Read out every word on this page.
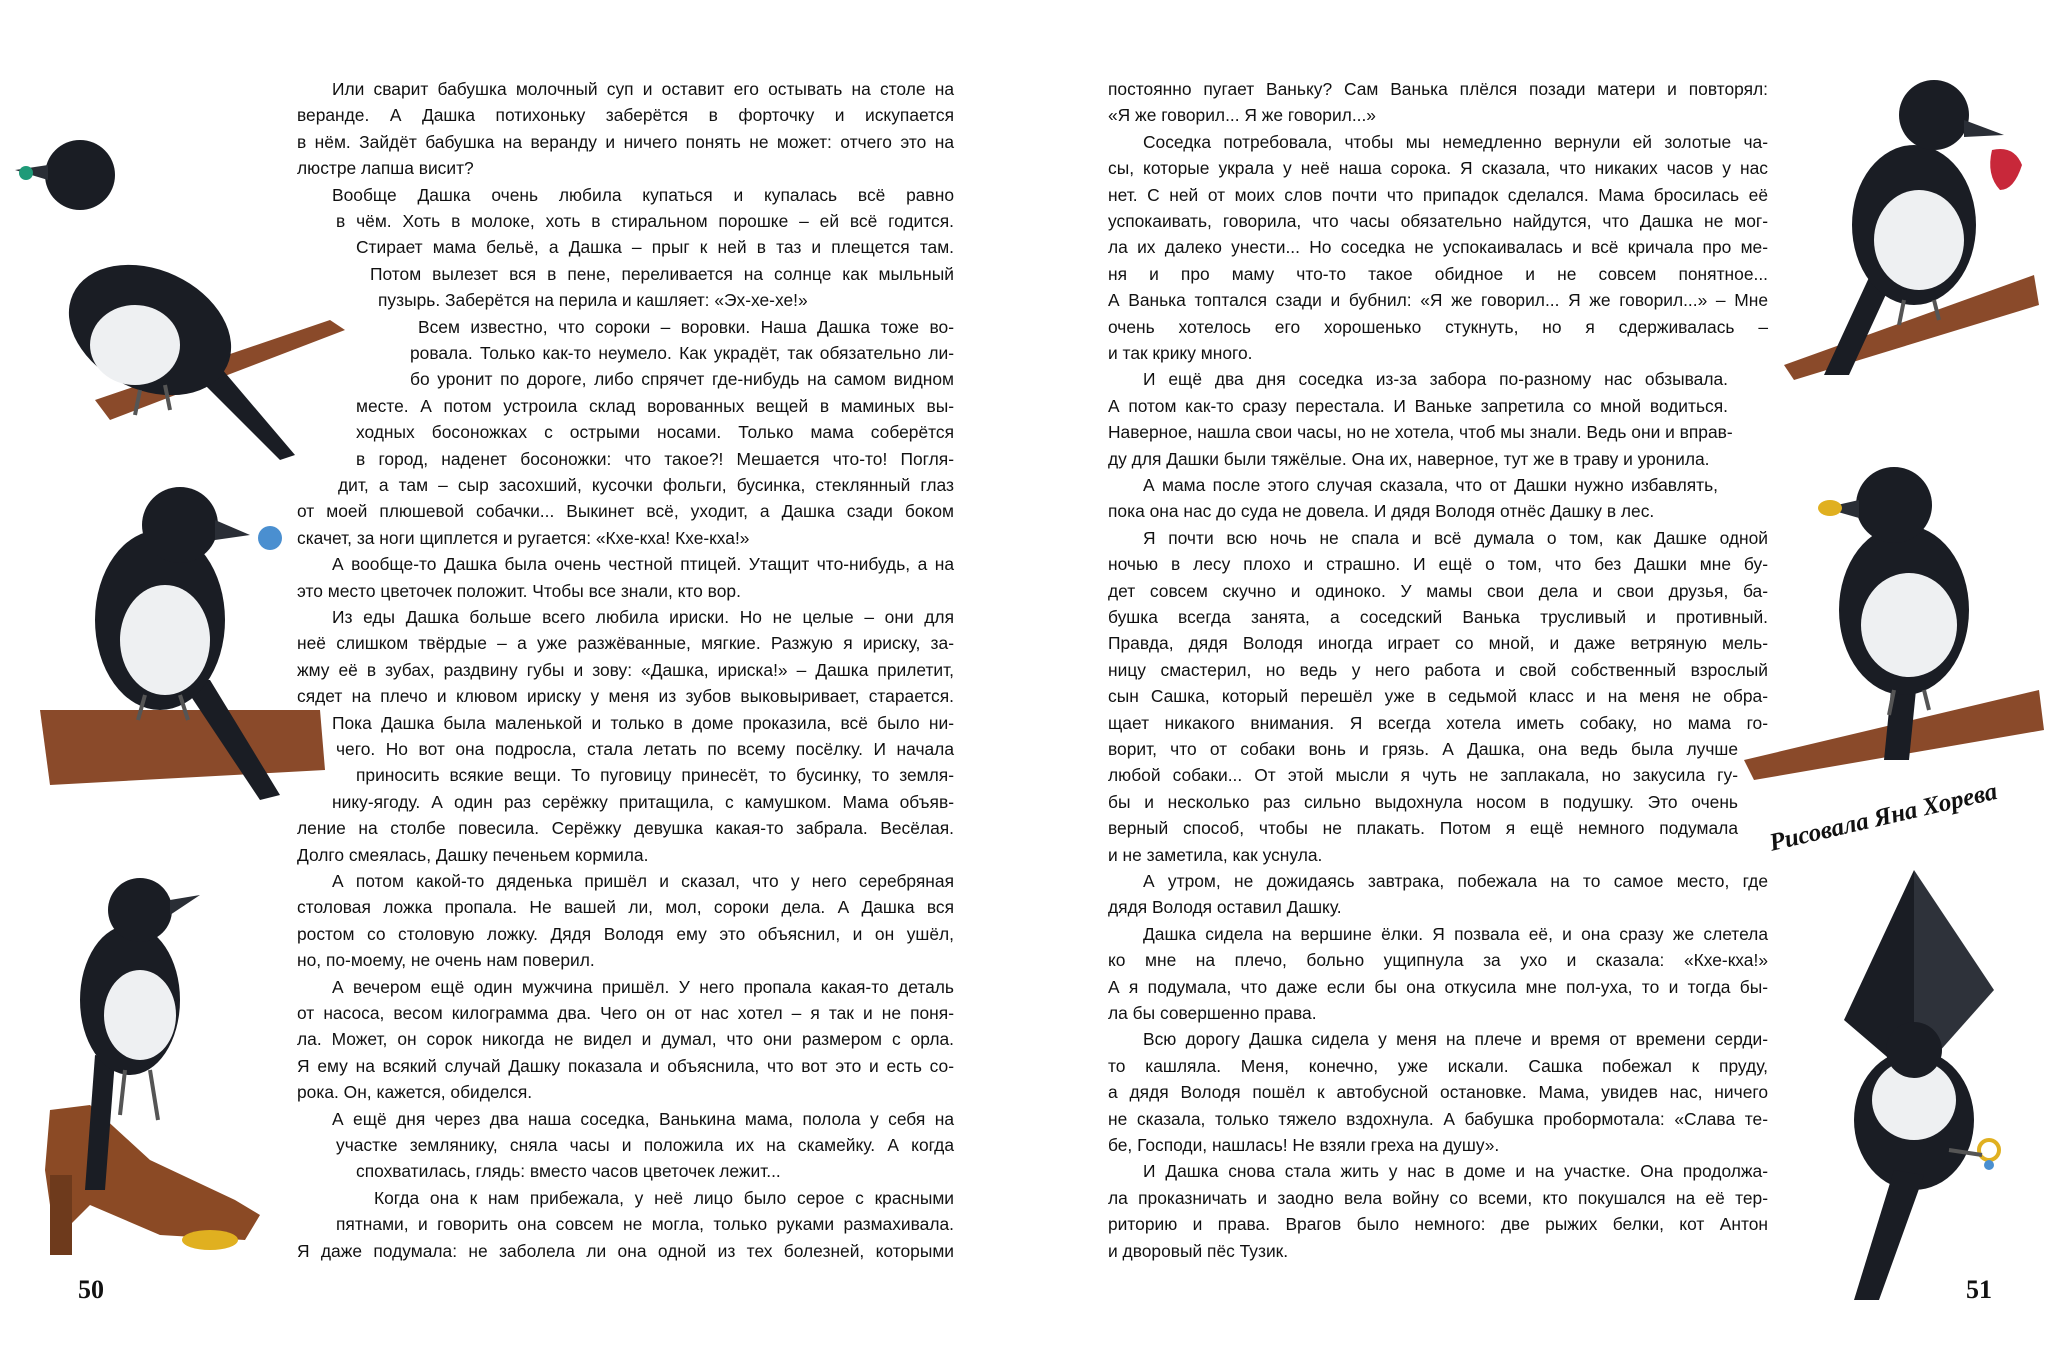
Или сварит бабушка молочный суп и оставит его остывать на столе на
веранде. А Дашка потихоньку заберётся в форточку и искупается
в нём. Зайдёт бабушка на веранду и ничего понять не может: отчего это на
люстре лапша висит?
Вообще Дашка очень любила купаться и купалась всё равно
в чём. Хоть в молоке, хоть в стиральном порошке – ей всё годится.
Стирает мама бельё, а Дашка – прыг к ней в таз и плещется там.
Потом вылезет вся в пене, переливается на солнце как мыльный
пузырь. Заберётся на перила и кашляет: «Эх-хе-хе!»
Всем известно, что сороки – воровки. Наша Дашка тоже во-
ровала. Только как-то неумело. Как украдёт, так обязательно ли-
бо уронит по дороге, либо спрячет где-нибудь на самом видном
месте. А потом устроила склад ворованных вещей в маминых вы-
ходных босоножках с острыми носами. Только мама соберётся
в город, наденет босоножки: что такое?! Мешается что-то! Погля-
дит, а там – сыр засохший, кусочки фольги, бусинка, стеклянный глаз
от моей плюшевой собачки... Выкинет всё, уходит, а Дашка сзади боком
скачет, за ноги щиплется и ругается: «Кхе-кха! Кхе-кха!»
А вообще-то Дашка была очень честной птицей. Утащит что-нибудь, а на
это место цветочек положит. Чтобы все знали, кто вор.
Из еды Дашка больше всего любила ириски. Но не целые – они для
неё слишком твёрдые – а уже разжёванные, мягкие. Разжую я ириску, за-
жму её в зубах, раздвину губы и зову: «Дашка, ириска!» – Дашка прилетит,
сядет на плечо и клювом ириску у меня из зубов выковыривает, старается.
Пока Дашка была маленькой и только в доме проказила, всё было ни-
чего. Но вот она подросла, стала летать по всему посёлку. И начала
приносить всякие вещи. То пуговицу принесёт, то бусинку, то земля-
нику-ягоду. А один раз серёжку притащила, с камушком. Мама объяв-
ление на столбе повесила. Серёжку девушка какая-то забрала. Весёлая.
Долго смеялась, Дашку печеньем кормила.
А потом какой-то дяденька пришёл и сказал, что у него серебряная
столовая ложка пропала. Не вашей ли, мол, сороки дела. А Дашка вся
ростом со столовую ложку. Дядя Володя ему это объяснил, и он ушёл,
но, по-моему, не очень нам поверил.
А вечером ещё один мужчина пришёл. У него пропала какая-то деталь
от насоса, весом килограмма два. Чего он от нас хотел – я так и не поня-
ла. Может, он сорок никогда не видел и думал, что они размером с орла.
Я ему на всякий случай Дашку показала и объяснила, что вот это и есть со-
рока. Он, кажется, обиделся.
А ещё дня через два наша соседка, Ванькина мама, полола у себя на
участке землянику, сняла часы и положила их на скамейку. А когда
спохватилась, глядь: вместо часов цветочек лежит...
Когда она к нам прибежала, у неё лицо было серое с красными
пятнами, и говорить она совсем не могла, только руками размахивала.
Я даже подумала: не заболела ли она одной из тех болезней, которыми
50
постоянно пугает Ваньку? Сам Ванька плёлся позади матери и повторял:
«Я же говорил... Я же говорил...»
Соседка потребовала, чтобы мы немедленно вернули ей золотые ча-
сы, которые украла у неё наша сорока. Я сказала, что никаких часов у нас
нет. С ней от моих слов почти что припадок сделался. Мама бросилась её
успокаивать, говорила, что часы обязательно найдутся, что Дашка не мог-
ла их далеко унести... Но соседка не успокаивалась и всё кричала про ме-
ня и про маму что-то такое обидное и не совсем понятное...
А Ванька топтался сзади и бубнил: «Я же говорил... Я же говорил...» – Мне
очень хотелось его хорошенько стукнуть, но я сдерживалась –
и так крику много.
И ещё два дня соседка из-за забора по-разному нас обзывала.
А потом как-то сразу перестала. И Ваньке запретила со мной водиться.
Наверное, нашла свои часы, но не хотела, чтоб мы знали. Ведь они и вправ-
ду для Дашки были тяжёлые. Она их, наверное, тут же в траву и уронила.
А мама после этого случая сказала, что от Дашки нужно избавлять,
пока она нас до суда не довела. И дядя Володя отнёс Дашку в лес.
Я почти всю ночь не спала и всё думала о том, как Дашке одной
ночью в лесу плохо и страшно. И ещё о том, что без Дашки мне бу-
дет совсем скучно и одиноко. У мамы свои дела и свои друзья, ба-
бушка всегда занята, а соседский Ванька трусливый и противный.
Правда, дядя Володя иногда играет со мной, и даже ветряную мель-
ницу смастерил, но ведь у него работа и свой собственный взрослый
сын Сашка, который перешёл уже в седьмой класс и на меня не обра-
щает никакого внимания. Я всегда хотела иметь собаку, но мама го-
ворит, что от собаки вонь и грязь. А Дашка, она ведь была лучше
любой собаки... От этой мысли я чуть не заплакала, но закусила гу-
бы и несколько раз сильно выдохнула носом в подушку. Это очень
верный способ, чтобы не плакать. Потом я ещё немного подумала
и не заметила, как уснула.
А утром, не дожидаясь завтрака, побежала на то самое место, где
дядя Володя оставил Дашку.
Дашка сидела на вершине ёлки. Я позвала её, и она сразу же слетела
ко мне на плечо, больно ущипнула за ухо и сказала: «Кхе-кха!»
А я подумала, что даже если бы она откусила мне пол-уха, то и тогда бы-
ла бы совершенно права.
Всю дорогу Дашка сидела у меня на плече и время от времени серди-
то кашляла. Меня, конечно, уже искали. Сашка побежал к пруду,
а дядя Володя пошёл к автобусной остановке. Мама, увидев нас, ничего
не сказала, только тяжело вздохнула. А бабушка пробормотала: «Слава те-
бе, Господи, нашлась! Не взяли греха на душу».
И Дашка снова стала жить у нас в доме и на участке. Она продолжа-
ла проказничать и заодно вела войну со всеми, кто покушался на её тер-
риторию и права. Врагов было немного: две рыжих белки, кот Антон
и дворовый пёс Тузик.
51
Рисовала Яна Хорева
